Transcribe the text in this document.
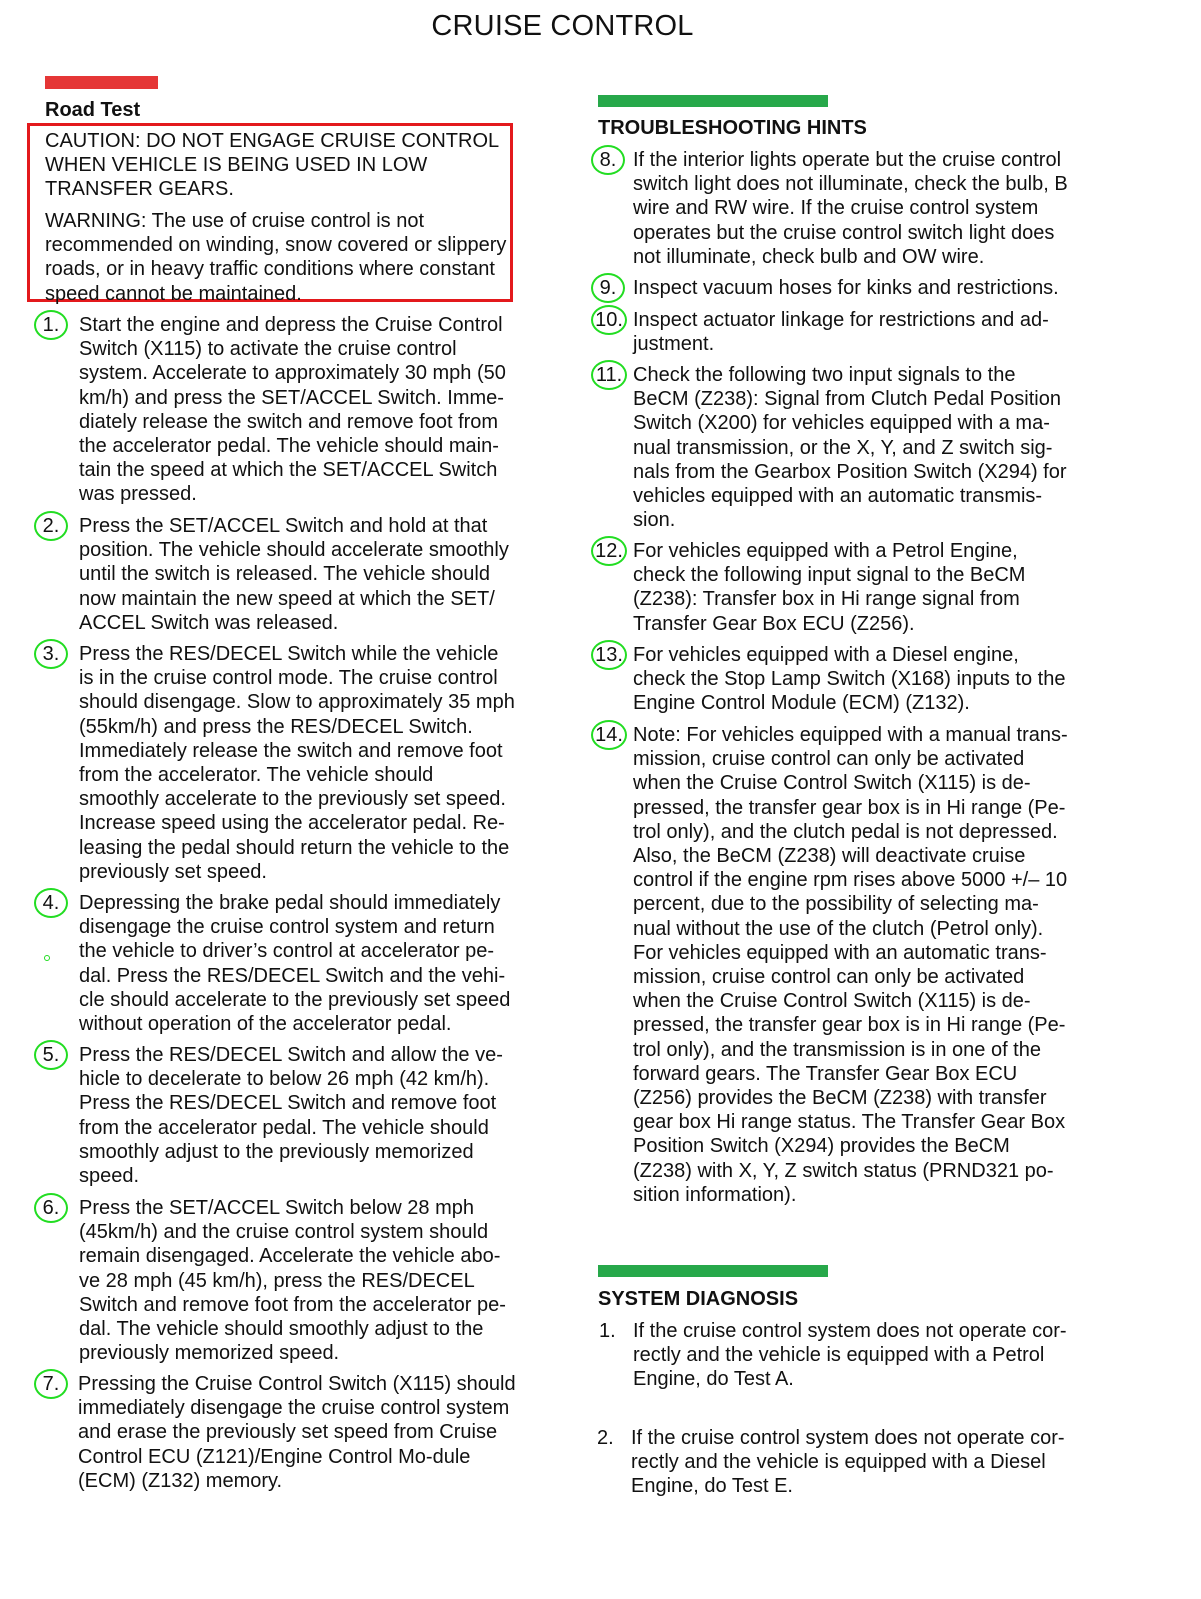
CRUISE CONTROL
Road Test
CAUTION: DO NOT ENGAGE CRUISE CONTROL WHEN VEHICLE IS BEING USED IN LOW TRANSFER GEARS.
WARNING: The use of cruise control is not recommended on winding, snow covered or slippery roads, or in heavy traffic conditions where constant speed cannot be maintained.
TROUBLESHOOTING HINTS
SYSTEM DIAGNOSIS
1. Start the engine and depress the Cruise Control Switch (X115) to activate the cruise control system. Accelerate to approximately 30 mph (50 km/h) and press the SET/ACCEL Switch. Imme-diately release the switch and remove foot from the accelerator pedal. The vehicle should main-tain the speed at which the SET/ACCEL Switch was pressed.
2. Press the SET/ACCEL Switch and hold at that position. The vehicle should accelerate smoothly until the switch is released. The vehicle should now maintain the new speed at which the SET/ ACCEL Switch was released.
3. Press the RES/DECEL Switch while the vehicle is in the cruise control mode. The cruise control should disengage. Slow to approximately 35 mph (55km/h) and press the RES/DECEL Switch. Immediately release the switch and remove foot from the accelerator. The vehicle should smoothly accelerate to the previously set speed. Increase speed using the accelerator pedal. Re-leasing the pedal should return the vehicle to the previously set speed.
4. Depressing the brake pedal should immediately disengage the cruise control system and return the vehicle to driver’s control at accelerator pe-dal. Press the RES/DECEL Switch and the vehi-cle should accelerate to the previously set speed without operation of the accelerator pedal.
5. Press the RES/DECEL Switch and allow the ve-hicle to decelerate to below 26 mph (42 km/h). Press the RES/DECEL Switch and remove foot from the accelerator pedal. The vehicle should smoothly adjust to the previously memorized speed.
6. Press the SET/ACCEL Switch below 28 mph (45km/h) and the cruise control system should remain disengaged. Accelerate the vehicle abo-ve 28 mph (45 km/h), press the RES/DECEL Switch and remove foot from the accelerator pe-dal. The vehicle should smoothly adjust to the previously memorized speed.
7. Pressing the Cruise Control Switch (X115) should immediately disengage the cruise control system and erase the previously set speed from Cruise Control ECU (Z121)/Engine Control Mo-dule (ECM) (Z132) memory.
8. If the interior lights operate but the cruise control switch light does not illuminate, check the bulb, B wire and RW wire. If the cruise control system operates but the cruise control switch light does not illuminate, check bulb and OW wire.
9. Inspect vacuum hoses for kinks and restrictions.
10. Inspect actuator linkage for restrictions and ad-justment.
11. Check the following two input signals to the BeCM (Z238): Signal from Clutch Pedal Position Switch (X200) for vehicles equipped with a ma-nual transmission, or the X, Y, and Z switch sig-nals from the Gearbox Position Switch (X294) for vehicles equipped with an automatic transmis-sion.
12. For vehicles equipped with a Petrol Engine, check the following input signal to the BeCM (Z238): Transfer box in Hi range signal from Transfer Gear Box ECU (Z256).
13. For vehicles equipped with a Diesel engine, check the Stop Lamp Switch (X168) inputs to the Engine Control Module (ECM) (Z132).
14. Note: For vehicles equipped with a manual trans-mission, cruise control can only be activated when the Cruise Control Switch (X115) is de-pressed, the transfer gear box is in Hi range (Pe-trol only), and the clutch pedal is not depressed. Also, the BeCM (Z238) will deactivate cruise control if the engine rpm rises above 5000 +/– 10 percent, due to the possibility of selecting ma-nual without the use of the clutch (Petrol only). For vehicles equipped with an automatic trans-mission, cruise control can only be activated when the Cruise Control Switch (X115) is de-pressed, the transfer gear box is in Hi range (Pe-trol only), and the transmission is in one of the forward gears. The Transfer Gear Box ECU (Z256) provides the BeCM (Z238) with transfer gear box Hi range status. The Transfer Gear Box Position Switch (X294) provides the BeCM (Z238) with X, Y, Z switch status (PRND321 po-sition information).
1. If the cruise control system does not operate cor-rectly and the vehicle is equipped with a Petrol Engine, do Test A.
2. If the cruise control system does not operate cor-rectly and the vehicle is equipped with a Diesel Engine, do Test E.
